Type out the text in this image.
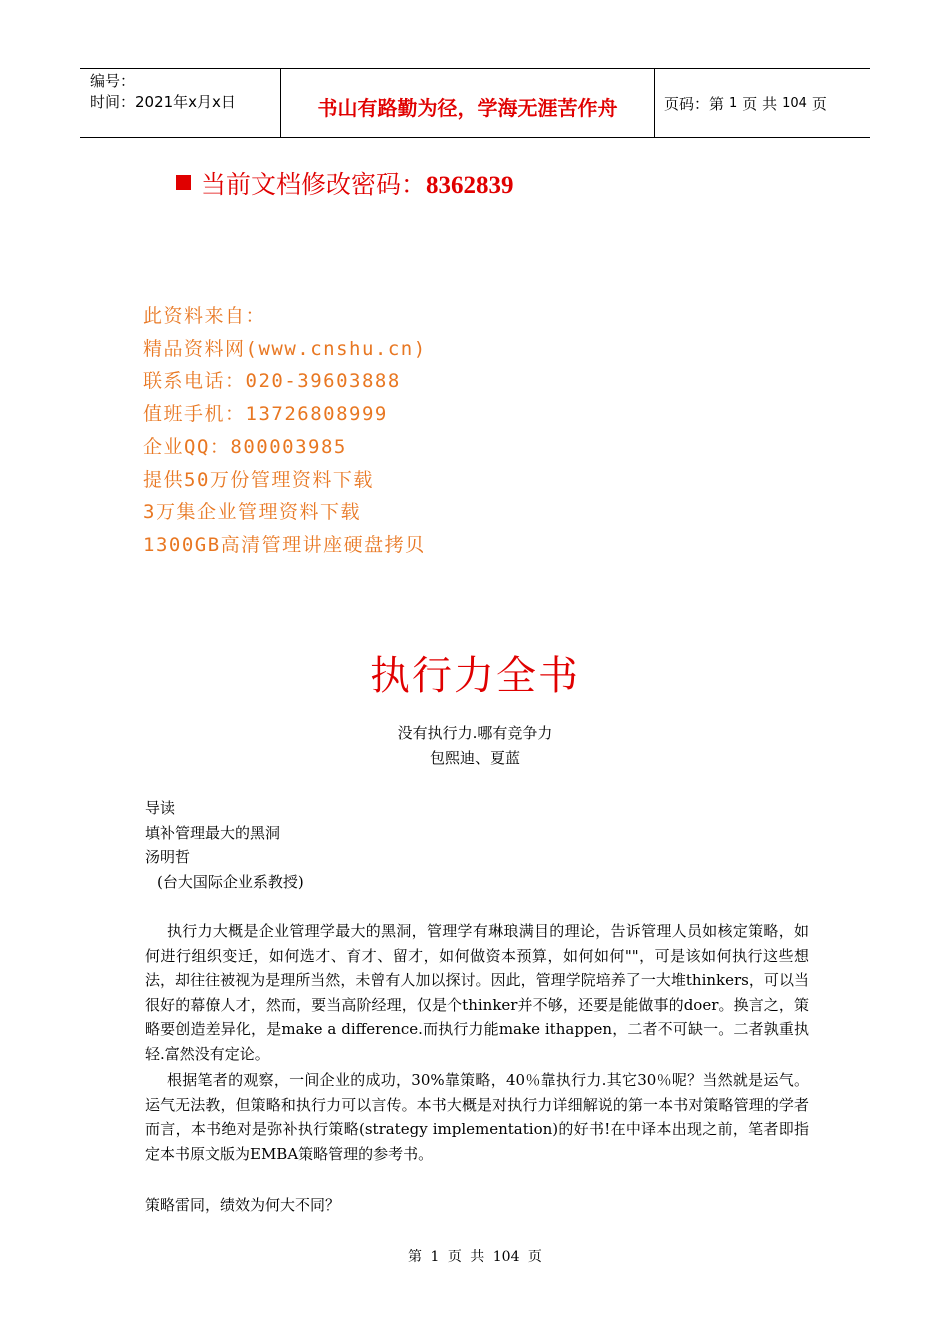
编号：
时间：2021年x月x日	书山有路勤为径，学海无涯苦作舟	页码：第 1 页 共 104 页
当前文档修改密码：8362839
此资料来自：
精品资料网(www.cnshu.cn)
联系电话：020-39603888
值班手机：13726808999
企业QQ：800003985
提供50万份管理资料下载
3万集企业管理资料下载
1300GB高清管理讲座硬盘拷贝
执行力全书
没有执行力.哪有竞争力
包熙迪、夏蓝
导读
填补管理最大的黑洞
汤明哲
(台大国际企业系教授)
执行力大概是企业管理学最大的黑洞，管理学有琳琅满目的理论，告诉管理人员如核定策略，如何进行组织变迁，如何选才、育才、留才，如何做资本预算，如何如何""，可是该如何执行这些想法，却往往被视为是理所当然，未曾有人加以探讨。因此，管理学院培养了一大堆thinkers，可以当很好的幕僚人才，然而，要当高阶经理，仅是个thinker并不够，还要是能做事的doer。换言之，策略要创造差异化，是make a difference.而执行力能make ithappen，二者不可缺一。二者孰重执轻.富然没有定论。
根据笔者的观察，一间企业的成功，30%靠策略，40％靠执行力.其它30％呢？当然就是运气。运气无法教，但策略和执行力可以言传。本书大概是对执行力详细解说的第一本书对策略管理的学者而言，本书绝对是弥补执行策略(strategy implementation)的好书!在中译本出现之前，笔者即指定本书原文版为EMBA策略管理的参考书。
策略雷同，绩效为何大不同？
第 1 页 共 104 页
